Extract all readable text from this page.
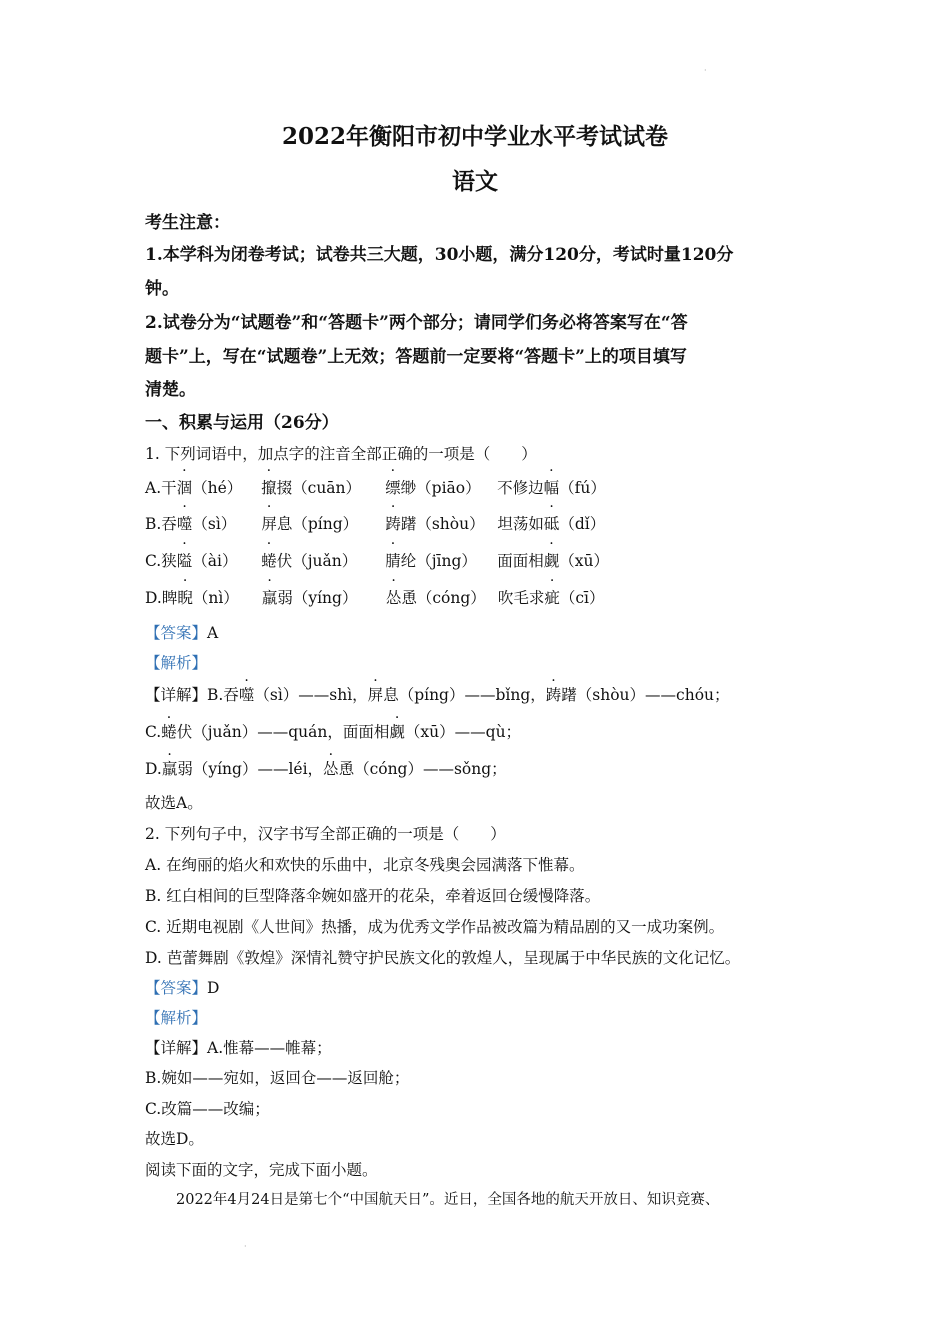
·
2022年衡阳市初中学业水平考试试卷
语文
考生注意：
1.本学科为闭卷考试；试卷共三大题，30小题，满分120分，考试时量120分
钟。
2.试卷分为“试题卷”和“答题卡”两个部分；请同学们务必将答案写在“答
题卡”上，写在“试题卷”上无效；答题前一定要将“答题卡”上的项目填写
清楚。
一、积累与运用（26分）
1. 下列词语中，加点字的注音全部正确的一项是（　　）
A.干涸（hé） 攛掇（cuān） 缥缈（piāo） 不修边幅（fú）
B.吞噬（sì） 屏息（píng） 踌躇（shòu） 坦荡如砥（dǐ）
C.狭隘（ài） 蜷伏（juǎn） 腈纶（jīng） 面面相觑（xū）
D.睥睨（nì） 羸弱（yíng） 怂恿（cóng） 吹毛求疵（cī）
【答案】A
【解析】
【详解】B.吞噬（sì）——shì，屏息（píng）——bǐng，踌躇（shòu）——chóu；
C.蜷伏（juǎn）——quán，面面相觑（xū）——qù；
D.羸弱（yíng）——léi，怂恿（cóng）——sǒng；
故选A。
2. 下列句子中，汉字书写全部正确的一项是（　　）
A. 在绚丽的焰火和欢快的乐曲中，北京冬残奥会园满落下惟幕。
B. 红白相间的巨型降落伞婉如盛开的花朵，牵着返回仓缓慢降落。
C. 近期电视剧《人世间》热播，成为优秀文学作品被改篇为精品剧的又一成功案例。
D. 芭蕾舞剧《敦煌》深情礼赞守护民族文化的敦煌人，呈现属于中华民族的文化记忆。
【答案】D
【解析】
【详解】A.惟幕——帷幕；
B.婉如——宛如，返回仓——返回舱；
C.改篇——改编；
故选D。
阅读下面的文字，完成下面小题。
2022年4月24日是第七个“中国航天日”。近日，全国各地的航天开放日、知识竞赛、
·
